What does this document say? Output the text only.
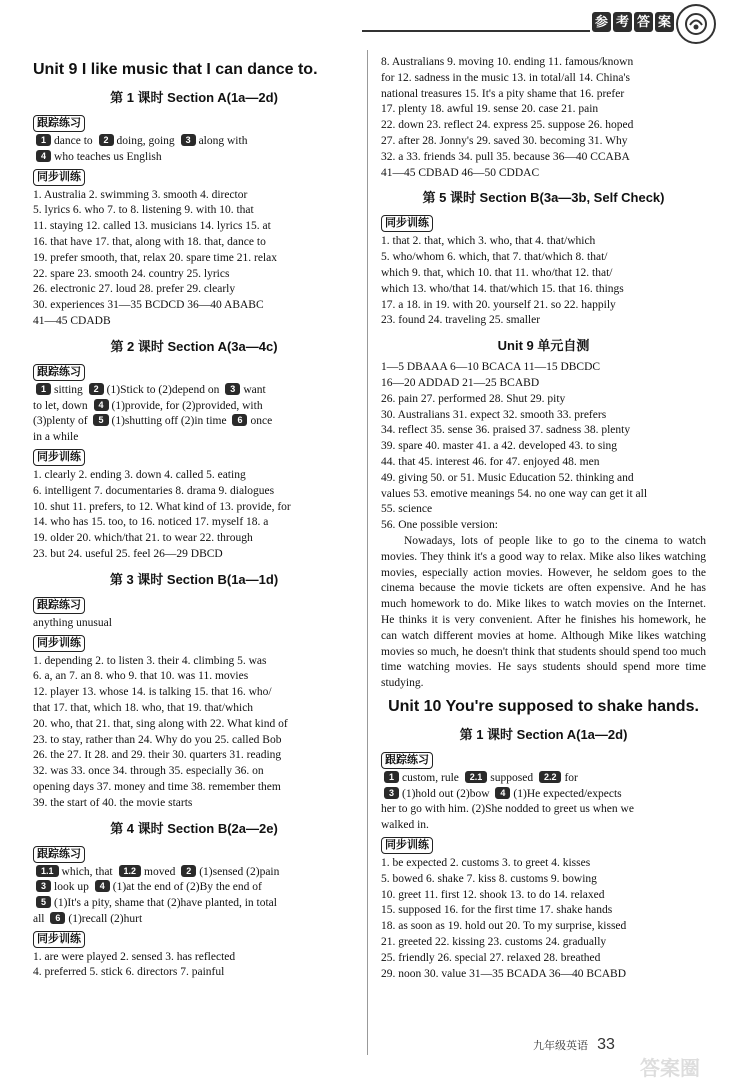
参 考 答 案
Unit 9 I like music that I can dance to.
第 1 课时 Section A(1a—2d)
跟踪练习
1 dance to 2 doing, going 3 along with
4 who teaches us English
同步训练
1. Australia 2. swimming 3. smooth 4. director
5. lyrics 6. who 7. to 8. listening 9. with 10. that
11. staying 12. called 13. musicians 14. lyrics 15. at
16. that have 17. that, along with 18. that, dance to
19. prefer smooth, that, relax 20. spare time 21. relax
22. spare 23. smooth 24. country 25. lyrics
26. electronic 27. loud 28. prefer 29. clearly
30. experiences 31—35 BCDCD 36—40 ABABC
41—45 CDADB
第 2 课时 Section A(3a—4c)
跟踪练习
1 sitting 2 (1)Stick to (2)depend on 3 want
to let, down 4 (1)provide, for (2)provided, with
(3)plenty of 5 (1)shutting off (2)in time 6 once
in a while
同步训练
1. clearly 2. ending 3. down 4. called 5. eating
6. intelligent 7. documentaries 8. drama 9. dialogues
10. shut 11. prefers, to 12. What kind of 13. provide, for
14. who has 15. too, to 16. noticed 17. myself 18. a
19. older 20. which/that 21. to wear 22. through
23. but 24. useful 25. feel 26—29 DBCD
第 3 课时 Section B(1a—1d)
跟踪练习
anything unusual
同步训练
1. depending 2. to listen 3. their 4. climbing 5. was
6. a, an 7. an 8. who 9. that 10. was 11. movies
12. player 13. whose 14. is talking 15. that 16. who/
that 17. that, which 18. who, that 19. that/which
20. who, that 21. that, sing along with 22. What kind of
23. to stay, rather than 24. Why do you 25. called Bob
26. the 27. It 28. and 29. their 30. quarters 31. reading
32. was 33. once 34. through 35. especially 36. on
opening days 37. money and time 38. remember them
39. the start of 40. the movie starts
第 4 课时 Section B(2a—2e)
跟踪练习
1.1 which, that 1.2 moved 2 (1)sensed (2)pain
3 look up 4 (1)at the end of (2)By the end of
5 (1)It's a pity, shame that (2)have planted, in total
all 6 (1)recall (2)hurt
同步训练
1. are were played 2. sensed 3. has reflected
4. preferred 5. stick 6. directors 7. painful
8. Australians 9. moving 10. ending 11. famous/known
for 12. sadness in the music 13. in total/all 14. China's
national treasures 15. It's a pity shame that 16. prefer
17. plenty 18. awful 19. sense 20. case 21. pain
22. down 23. reflect 24. express 25. suppose 26. hoped
27. after 28. Jonny's 29. saved 30. becoming 31. Why
32. a 33. friends 34. pull 35. because 36—40 CCABA
41—45 CDBAD 46—50 CDDAC
第 5 课时 Section B(3a—3b, Self Check)
同步训练
1. that 2. that, which 3. who, that 4. that/which
5. who/whom 6. which, that 7. that/which 8. that/
which 9. that, which 10. that 11. who/that 12. that/
which 13. who/that 14. that/which 15. that 16. things
17. a 18. in 19. with 20. yourself 21. so 22. happily
23. found 24. traveling 25. smaller
Unit 9 单元自测
1—5 DBAAA 6—10 BCACA 11—15 DBCDC
16—20 ADDAD 21—25 BCABD
26. pain 27. performed 28. Shut 29. pity
30. Australians 31. expect 32. smooth 33. prefers
34. reflect 35. sense 36. praised 37. sadness 38. plenty
39. spare 40. master 41. a 42. developed 43. to sing
44. that 45. interest 46. for 47. enjoyed 48. men
49. giving 50. or 51. Music Education 52. thinking and
values 53. emotive meanings 54. no one way can get it all
55. science
56. One possible version:
Nowadays, lots of people like to go to the cinema to watch movies. They think it's a good way to relax. Mike also likes watching movies, especially action movies. However, he seldom goes to the cinema because the movie tickets are often expensive. And he has much homework to do. Mike likes to watch movies on the Internet. He thinks it is very convenient. After he finishes his homework, he can watch different movies at home. Although Mike likes watching movies so much, he doesn't think that students should spend too much time watching movies. He says students should spend more time studying.
Unit 10 You're supposed to shake hands.
第 1 课时 Section A(1a—2d)
跟踪练习
1 custom, rule 2.1 supposed 2.2 for
3 (1)hold out (2)bow 4 (1)He expected/expects
her to go with him. (2)She nodded to greet us when we
walked in.
同步训练
1. be expected 2. customs 3. to greet 4. kisses
5. bowed 6. shake 7. kiss 8. customs 9. bowing
10. greet 11. first 12. shook 13. to do 14. relaxed
15. supposed 16. for the first time 17. shake hands
18. as soon as 19. hold out 20. To my surprise, kissed
21. greeted 22. kissing 23. customs 24. gradually
25. friendly 26. special 27. relaxed 28. breathed
29. noon 30. value 31—35 BCADA 36—40 BCABD
九年级英语 33
答案圈
